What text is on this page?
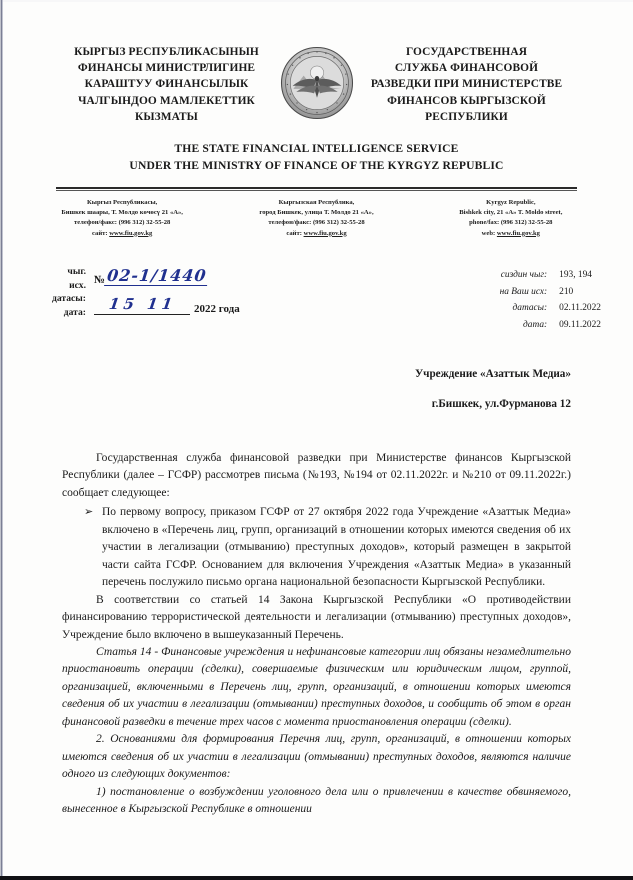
КЫРГЫЗ РЕСПУБЛИКАСЫНЫН
ФИНАНСЫ МИНИСТРЛИГИНЕ
КАРАШТУУ ФИНАНСЫЛЫК
ЧАЛГЫНДОО МАМЛЕКЕТТИК
КЫЗМАТЫ
ГОСУДАРСТВЕННАЯ
СЛУЖБА ФИНАНСОВОЙ
РАЗВЕДКИ ПРИ МИНИСТЕРСТВЕ
ФИНАНСОВ КЫРГЫЗСКОЙ
РЕСПУБЛИКИ
THE STATE FINANCIAL INTELLIGENCE SERVICE
UNDER THE MINISTRY OF FINANCE OF THE KYRGYZ REPUBLIC
Кыргыз Республикасы,
Бишкек шаары, Т. Молдо көчөсү 21 «А»,
телефон/факс: (996 312) 32-55-28
сайт: www.fiu.gov.kg
Кыргызская Республика,
город Бишкек, улица Т. Молдо 21 «А»,
телефон/факс: (996 312) 32-55-28
сайт: www.fiu.gov.kg
Kyrgyz Republic,
Bishkek city, 21 «A» T. Moldo street,
phone/fax: (996 312) 32-55-28
web: www.fiu.gov.kg
чыг.
исх.
датасы:
дата:
№ 02-1/1440
15 11	2022 года
сиздин чыг:
на Ваш исх:
датасы:
дата:
193, 194
210
02.11.2022
09.11.2022
Учреждение «Азаттык Медиа»
г.Бишкек, ул.Фурманова 12

Государственная служба финансовой разведки при Министерстве финансов Кыргызской Республики (далее – ГСФР) рассмотрев письма (№193, №194 от 02.11.2022г. и №210 от 09.11.2022г.) сообщает следующее:

➢ По первому вопросу, приказом ГСФР от 27 октября 2022 года Учреждение «Азаттык Медиа» включено в «Перечень лиц, групп, организаций в отношении которых имеются сведения об их участии в легализации (отмыванию) преступных доходов», который размещен в закрытой части сайта ГСФР. Основанием для включения Учреждения «Азаттык Медиа» в указанный перечень послужило письмо органа национальной безопасности Кыргызской Республики.

В соответствии со статьей 14 Закона Кыргызской Республики «О противодействии финансированию террористической деятельности и легализации (отмыванию) преступных доходов», Учреждение было включено в вышеуказанный Перечень.

Статья 14 - Финансовые учреждения и нефинансовые категории лиц обязаны незамедлительно приостановить операции (сделки), совершаемые физическим или юридическим лицом, группой, организацией, включенными в Перечень лиц, групп, организаций, в отношении которых имеются сведения об их участии в легализации (отмывании) преступных доходов, и сообщить об этом в орган финансовой разведки в течение трех часов с момента приостановления операции (сделки).

2. Основаниями для формирования Перечня лиц, групп, организаций, в отношении которых имеются сведения об их участии в легализации (отмывании) преступных доходов, являются наличие одного из следующих документов:

1) постановление о возбуждении уголовного дела или о привлечении в качестве обвиняемого, вынесенное в Кыргызской Республике в отношении
